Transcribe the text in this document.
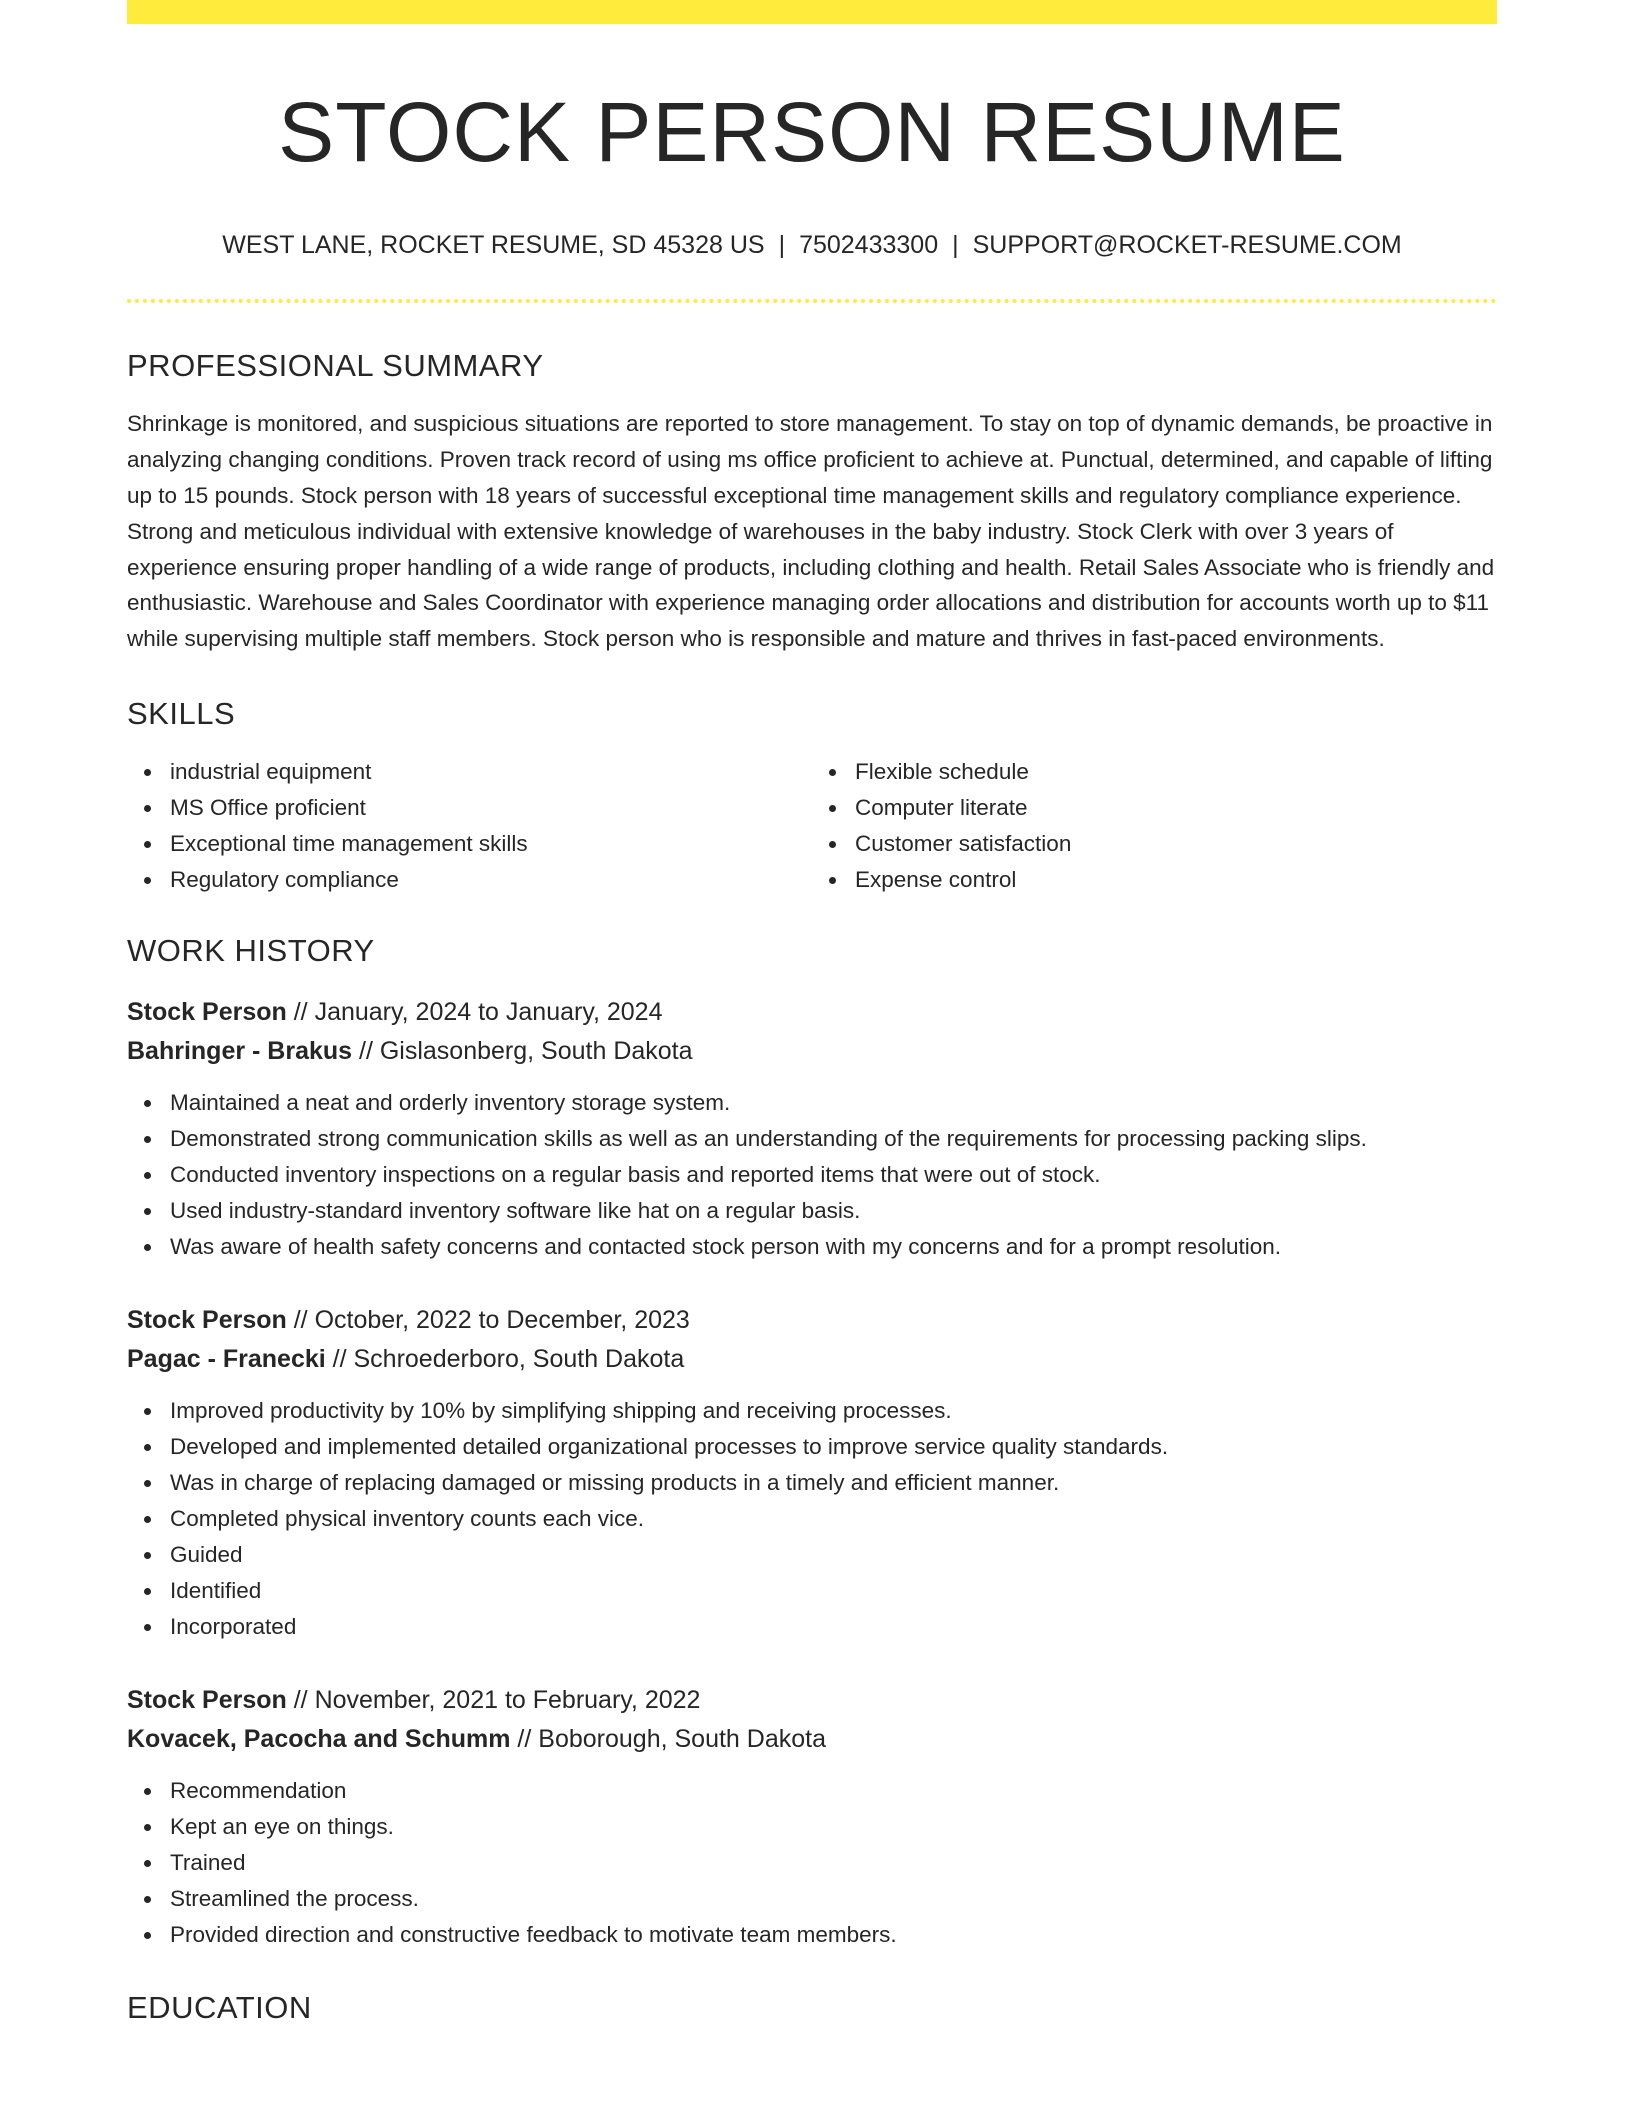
STOCK PERSON RESUME
WEST LANE, ROCKET RESUME, SD 45328 US | 7502433300 | SUPPORT@ROCKET-RESUME.COM
PROFESSIONAL SUMMARY

Shrinkage is monitored, and suspicious situations are reported to store management. To stay on top of dynamic demands, be proactive in analyzing changing conditions. Proven track record of using ms office proficient to achieve at. Punctual, determined, and capable of lifting up to 15 pounds. Stock person with 18 years of successful exceptional time management skills and regulatory compliance experience. Strong and meticulous individual with extensive knowledge of warehouses in the baby industry. Stock Clerk with over 3 years of experience ensuring proper handling of a wide range of products, including clothing and health. Retail Sales Associate who is friendly and enthusiastic. Warehouse and Sales Coordinator with experience managing order allocations and distribution for accounts worth up to $11 while supervising multiple staff members. Stock person who is responsible and mature and thrives in fast-paced environments.

SKILLS
industrial equipment
MS Office proficient
Exceptional time management skills
Regulatory compliance
Flexible schedule
Computer literate
Customer satisfaction
Expense control
WORK HISTORY
Stock Person // January, 2024 to January, 2024
Bahringer - Brakus // Gislasonberg, South Dakota
Maintained a neat and orderly inventory storage system.
Demonstrated strong communication skills as well as an understanding of the requirements for processing packing slips.
Conducted inventory inspections on a regular basis and reported items that were out of stock.
Used industry-standard inventory software like hat on a regular basis.
Was aware of health safety concerns and contacted stock person with my concerns and for a prompt resolution.
Stock Person // October, 2022 to December, 2023
Pagac - Franecki // Schroederboro, South Dakota
Improved productivity by 10% by simplifying shipping and receiving processes.
Developed and implemented detailed organizational processes to improve service quality standards.
Was in charge of replacing damaged or missing products in a timely and efficient manner.
Completed physical inventory counts each vice.
Guided
Identified
Incorporated
Stock Person // November, 2021 to February, 2022
Kovacek, Pacocha and Schumm // Boborough, South Dakota
Recommendation
Kept an eye on things.
Trained
Streamlined the process.
Provided direction and constructive feedback to motivate team members.
EDUCATION
